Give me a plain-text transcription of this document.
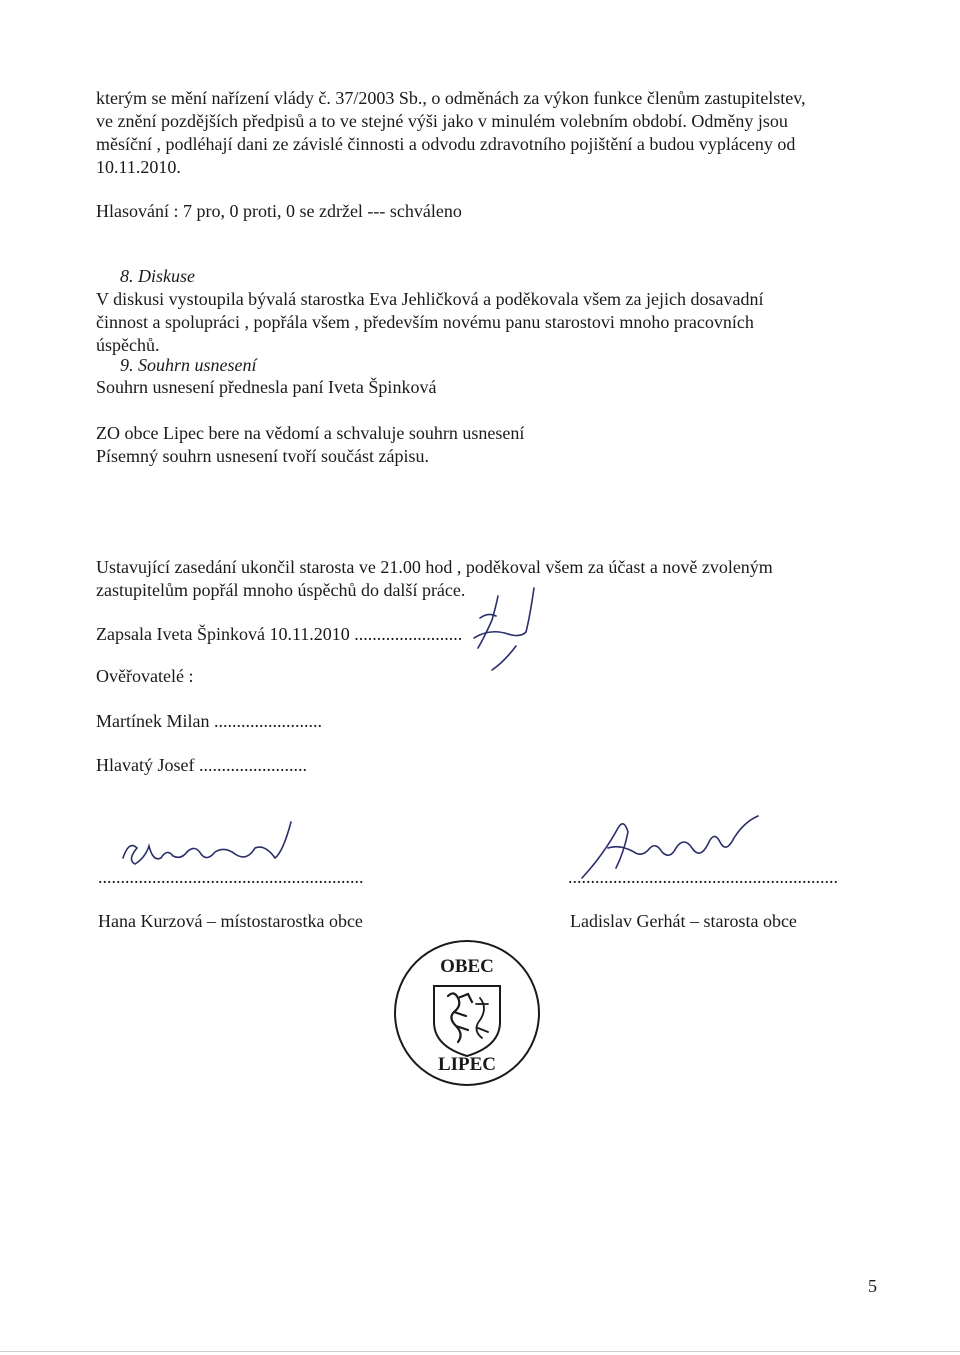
kterým se mění nařízení vlády č. 37/2003 Sb., o odměnách za výkon funkce členům zastupitelstev,
ve znění pozdějších předpisů a to ve stejné výši jako v minulém volebním období. Odměny jsou
měsíční , podléhají dani ze závislé činnosti a odvodu zdravotního pojištění a budou vypláceny od
10.11.2010.
Hlasování : 7 pro, 0 proti, 0 se zdržel --- schváleno
8. Diskuse
V diskusi vystoupila bývalá starostka Eva Jehličková a poděkovala všem za jejich dosavadní
činnost a spolupráci , popřála všem , především novému panu starostovi mnoho pracovních
úspěchů.
9. Souhrn usnesení
Souhrn usnesení přednesla paní Iveta Špinková
ZO obce Lipec bere na vědomí a schvaluje souhrn usnesení
Písemný souhrn usnesení tvoří součást zápisu.
Ustavující zasedání ukončil starosta ve 21.00 hod , poděkoval všem za účast a nově zvoleným
zastupitelům popřál mnoho úspěchů do další práce.
Zapsala Iveta Špinková 10.11.2010 ........................
Ověřovatelé :
Martínek Milan ........................
Hlavatý Josef ........................
...........................................................	............................................................
Hana Kurzová – místostarostka obce	Ladislav Gerhát – starosta obce
OBEC
LIPEC
5
